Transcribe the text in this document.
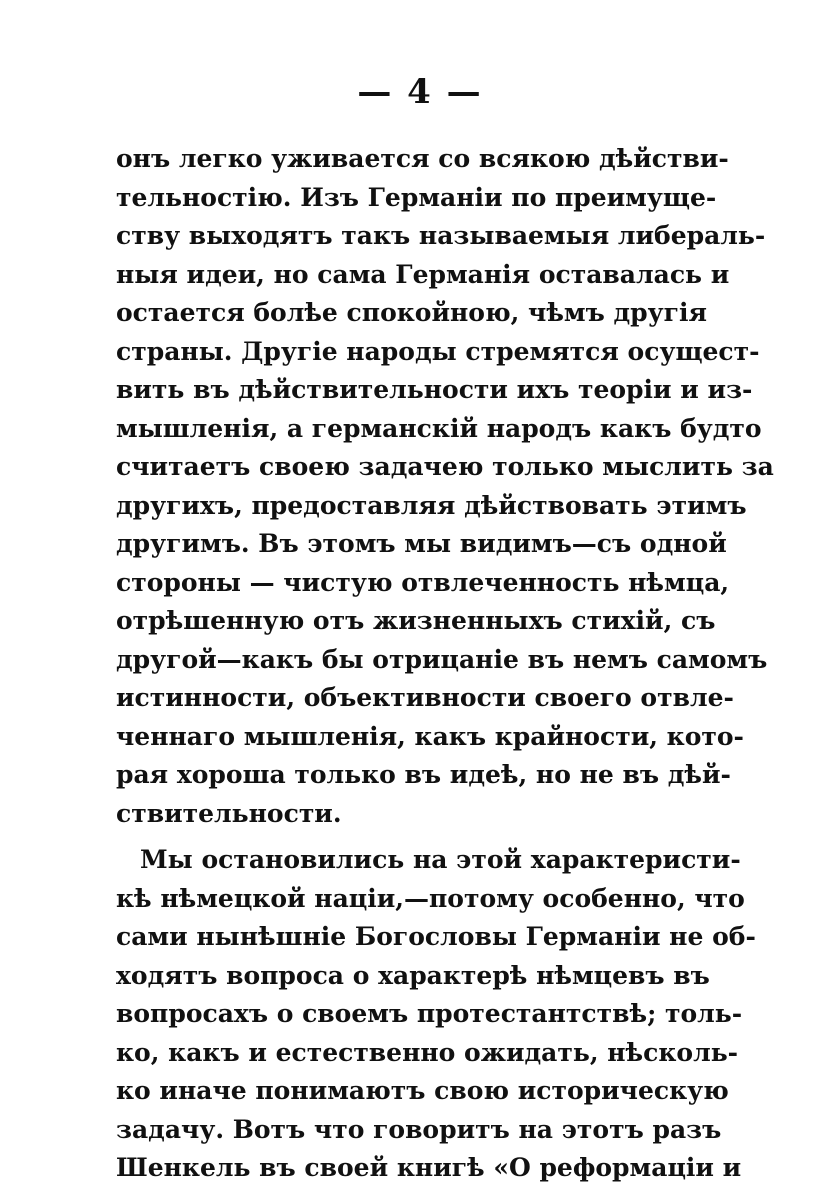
— 4 —
онъ легко уживается со всякою дѣйстви-
тельностію. Изъ Германіи по преимуще-
ству выходятъ такъ называемыя либераль-
ныя идеи, но сама Германія оставалась и
остается болѣе спокойною, чѣмъ другія
страны. Другіе народы стремятся осущест-
вить въ дѣйствительности ихъ теоріи и из-
мышленія, а германскій народъ какъ будто
считаетъ своею задачею только мыслить за
другихъ, предоставляя дѣйствовать этимъ
другимъ. Въ этомъ мы видимъ—съ одной
стороны — чистую отвлеченность нѣмца,
отрѣшенную отъ жизненныхъ стихій, съ
другой—какъ бы отрицаніе въ немъ самомъ
истинности, объективности своего отвле-
ченнаго мышленія, какъ крайности, кото-
рая хороша только въ идеѣ, но не въ дѣй-
ствительности.
Мы остановились на этой характеристи-
кѣ нѣмецкой націи,—потому особенно, что
сами нынѣшніе Богословы Германіи не об-
ходятъ вопроса о характерѣ нѣмцевъ въ
вопросахъ о своемъ протестантствѣ; толь-
ко, какъ и естественно ожидать, нѣсколь-
ко иначе понимаютъ свою историческую
задачу. Вотъ что говоритъ на этотъ разъ
Шенкель въ своей книгѣ «О реформаціи и
